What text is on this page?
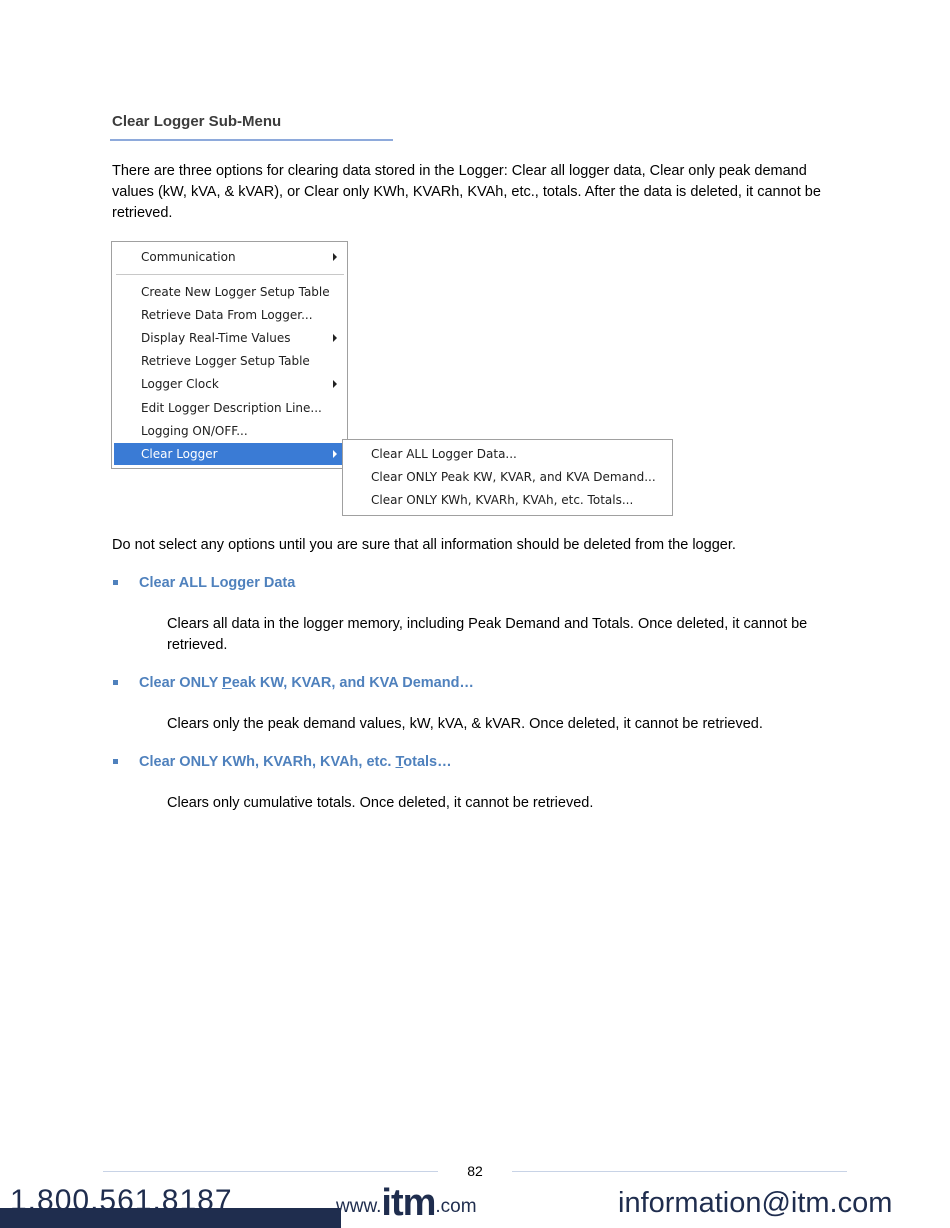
Clear Logger Sub-Menu
There are three options for clearing data stored in the Logger: Clear all logger data, Clear only peak demand values (kW, kVA, & kVAR), or Clear only KWh, KVARh, KVAh, etc., totals. After the data is deleted, it cannot be retrieved.
Communication
Create New Logger Setup Table
Retrieve Data From Logger...
Display Real-Time Values
Retrieve Logger Setup Table
Logger Clock
Edit Logger Description Line...
Logging ON/OFF...
Clear Logger	Clear ALL Logger Data...
Clear ONLY Peak KW, KVAR, and KVA Demand...
Clear ONLY KWh, KVARh, KVAh, etc. Totals...
Do not select any options until you are sure that all information should be deleted from the logger.
Clear ALL Logger Data
Clears all data in the logger memory, including Peak Demand and Totals. Once deleted, it cannot be retrieved.
Clear ONLY Peak KW, KVAR, and KVA Demand…
Clears only the peak demand values, kW, kVA, & kVAR. Once deleted, it cannot be retrieved.
Clear ONLY KWh, KVARh, KVAh, etc. Totals…
Clears only cumulative totals. Once deleted, it cannot be retrieved.
82
1.800.561.8187	www.itm.com	information@itm.com
